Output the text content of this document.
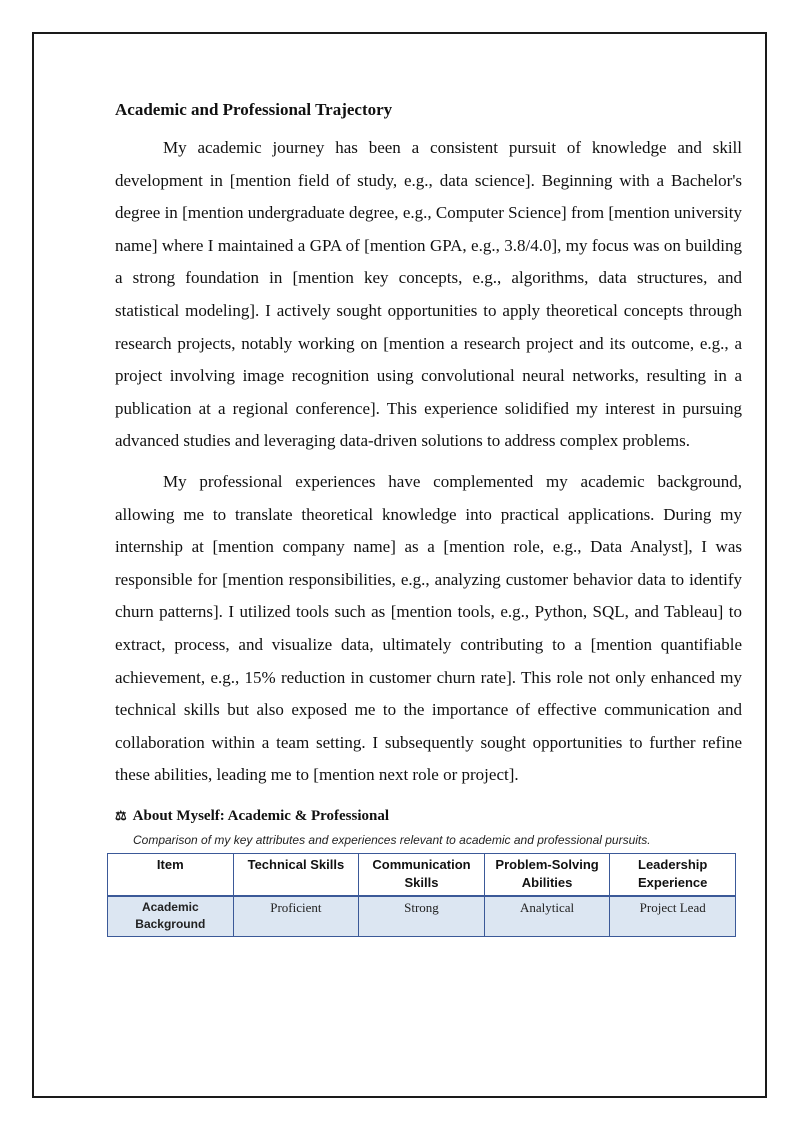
Academic and Professional Trajectory

My academic journey has been a consistent pursuit of knowledge and skill development in [mention field of study, e.g., data science]. Beginning with a Bachelor's degree in [mention undergraduate degree, e.g., Computer Science] from [mention university name] where I maintained a GPA of [mention GPA, e.g., 3.8/4.0], my focus was on building a strong foundation in [mention key concepts, e.g., algorithms, data structures, and statistical modeling]. I actively sought opportunities to apply theoretical concepts through research projects, notably working on [mention a research project and its outcome, e.g., a project involving image recognition using convolutional neural networks, resulting in a publication at a regional conference]. This experience solidified my interest in pursuing advanced studies and leveraging data-driven solutions to address complex problems.

My professional experiences have complemented my academic background, allowing me to translate theoretical knowledge into practical applications. During my internship at [mention company name] as a [mention role, e.g., Data Analyst], I was responsible for [mention responsibilities, e.g., analyzing customer behavior data to identify churn patterns]. I utilized tools such as [mention tools, e.g., Python, SQL, and Tableau] to extract, process, and visualize data, ultimately contributing to a [mention quantifiable achievement, e.g., 15% reduction in customer churn rate]. This role not only enhanced my technical skills but also exposed me to the importance of effective communication and collaboration within a team setting. I subsequently sought opportunities to further refine these abilities, leading me to [mention next role or project].

⚖ About Myself: Academic & Professional
Comparison of my key attributes and experiences relevant to academic and professional pursuits.
Item	Technical Skills	Communication Skills	Problem-Solving Abilities	Leadership Experience
Academic Background	Proficient	Strong	Analytical	Project Lead
